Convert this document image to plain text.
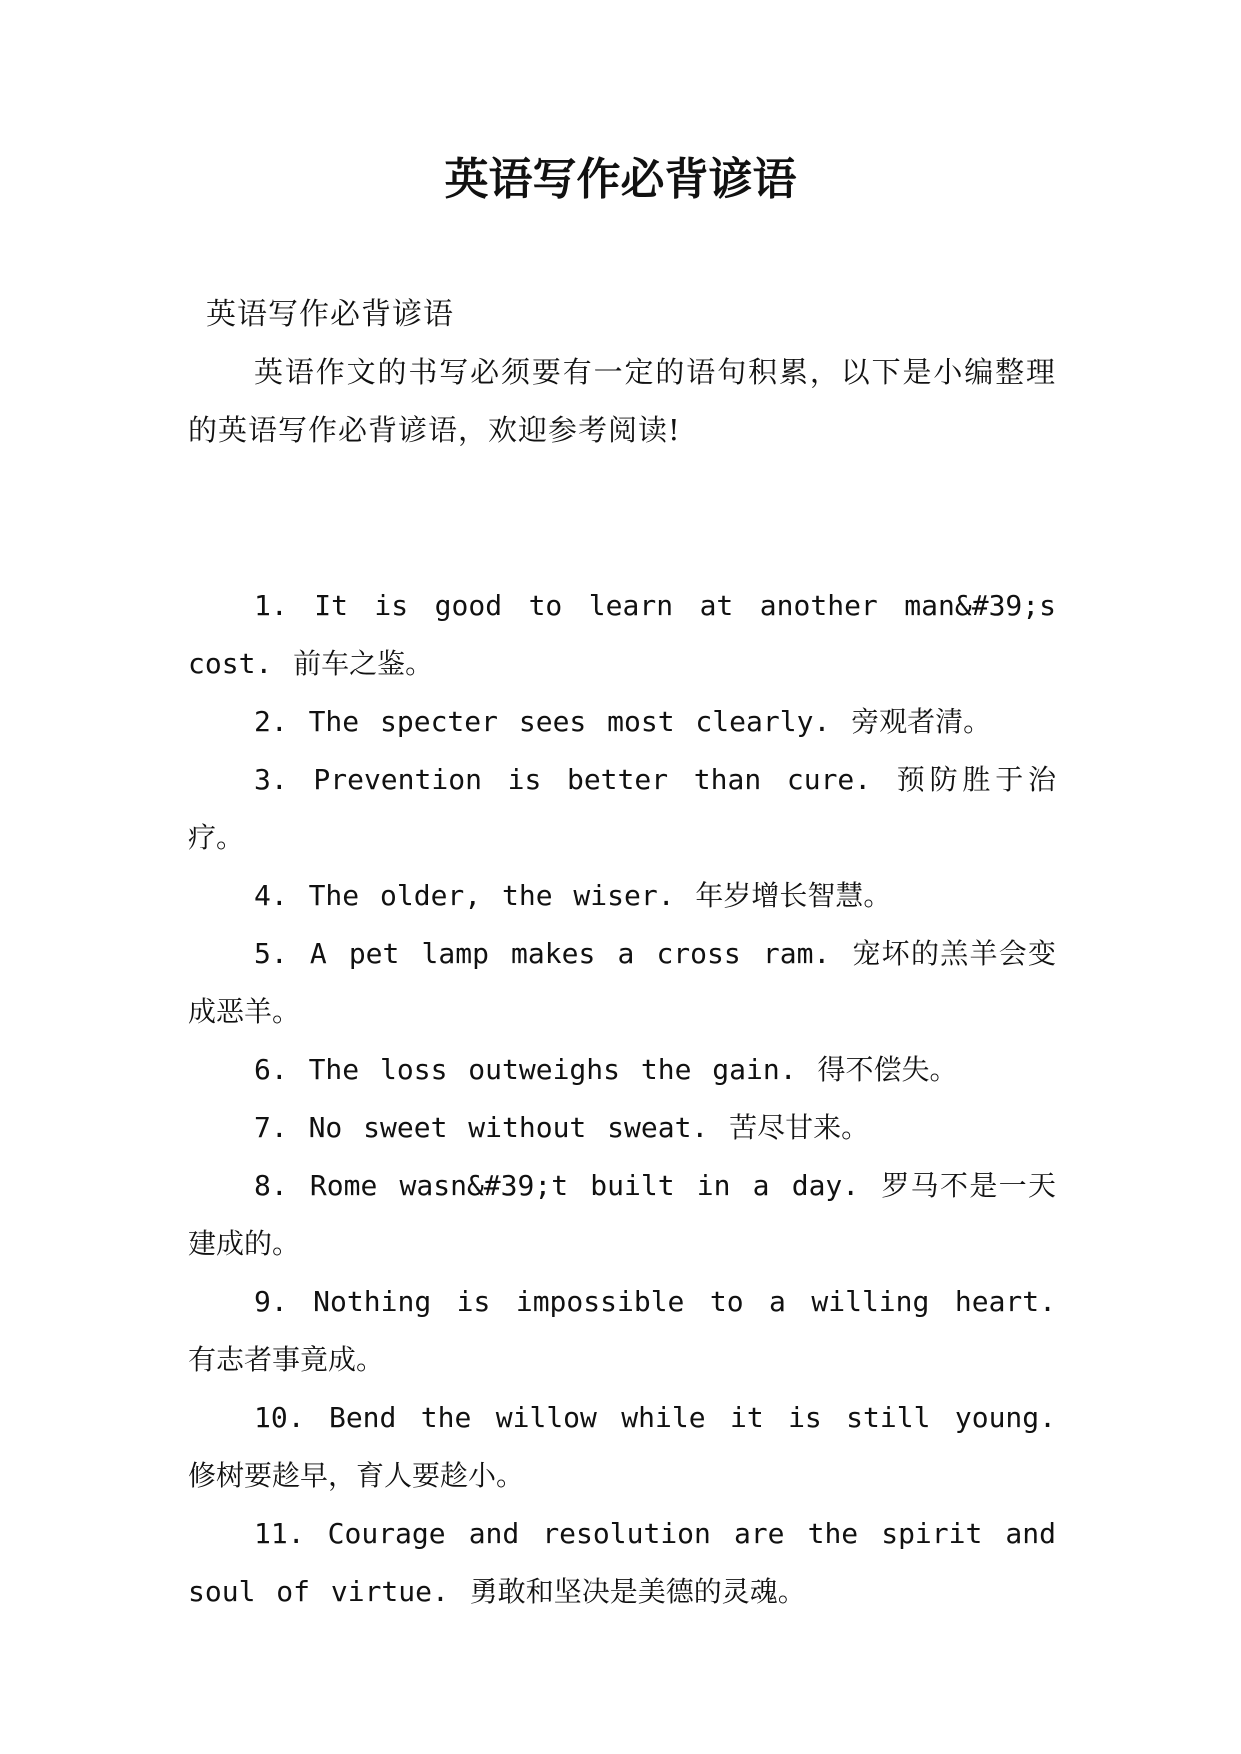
英语写作必背谚语

英语写作必背谚语

英语作文的书写必须要有一定的语句积累，以下是小编整理的英语写作必背谚语，欢迎参考阅读!

1. It is good to learn at another man&#39;s cost. 前车之鉴。
2. The specter sees most clearly. 旁观者清。
3. Prevention is better than cure. 预防胜于治疗。
4. The older, the wiser. 年岁增长智慧。
5. A pet lamp makes a cross ram. 宠坏的羔羊会变成恶羊。
6. The loss outweighs the gain. 得不偿失。
7. No sweet without sweat. 苦尽甘来。
8. Rome wasn&#39;t built in a day. 罗马不是一天建成的。
9. Nothing is impossible to a willing heart. 有志者事竟成。
10. Bend the willow while it is still young. 修树要趁早，育人要趁小。
11. Courage and resolution are the spirit and soul of virtue. 勇敢和坚决是美德的灵魂。
